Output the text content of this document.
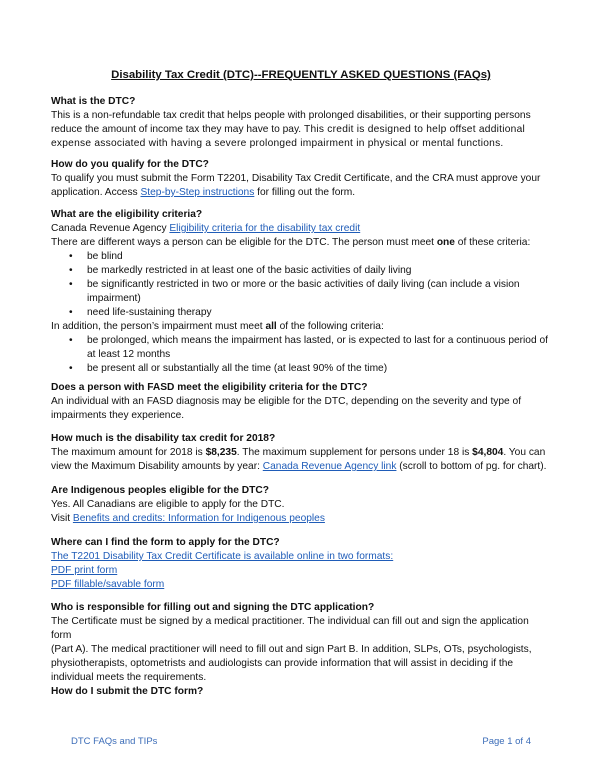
Disability Tax Credit (DTC)--FREQUENTLY ASKED QUESTIONS (FAQs)
What is the DTC?
This is a non-refundable tax credit that helps people with prolonged disabilities, or their supporting persons
reduce the amount of income tax they may have to pay. This credit is designed to help offset additional
expense associated with having a severe prolonged impairment in physical or mental functions.
How do you qualify for the DTC?
To qualify you must submit the Form T2201, Disability Tax Credit Certificate, and the CRA must approve your
application. Access Step-by-Step instructions for filling out the form.
What are the eligibility criteria?
Canada Revenue Agency Eligibility criteria for the disability tax credit
There are different ways a person can be eligible for the DTC. The person must meet one of these criteria:
• be blind
• be markedly restricted in at least one of the basic activities of daily living
• be significantly restricted in two or more or the basic activities of daily living (can include a vision impairment)
• need life-sustaining therapy
In addition, the person’s impairment must meet all of the following criteria:
• be prolonged, which means the impairment has lasted, or is expected to last for a continuous period of at least 12 months
• be present all or substantially all the time (at least 90% of the time)
Does a person with FASD meet the eligibility criteria for the DTC?
An individual with an FASD diagnosis may be eligible for the DTC, depending on the severity and type of
impairments they experience.
How much is the disability tax credit for 2018?
The maximum amount for 2018 is $8,235. The maximum supplement for persons under 18 is $4,804. You can
view the Maximum Disability amounts by year: Canada Revenue Agency link (scroll to bottom of pg. for chart).
Are Indigenous peoples eligible for the DTC?
Yes. All Canadians are eligible to apply for the DTC.
Visit Benefits and credits: Information for Indigenous peoples
Where can I find the form to apply for the DTC?
The T2201 Disability Tax Credit Certificate is available online in two formats:
PDF print form
PDF fillable/savable form
Who is responsible for filling out and signing the DTC application?
The Certificate must be signed by a medical practitioner. The individual can fill out and sign the application form
(Part A). The medical practitioner will need to fill out and sign Part B. In addition, SLPs, OTs, psychologists,
physiotherapists, optometrists and audiologists can provide information that will assist in deciding if the
individual meets the requirements.
How do I submit the DTC form?
DTC FAQs and TIPs	Page 1 of 4
